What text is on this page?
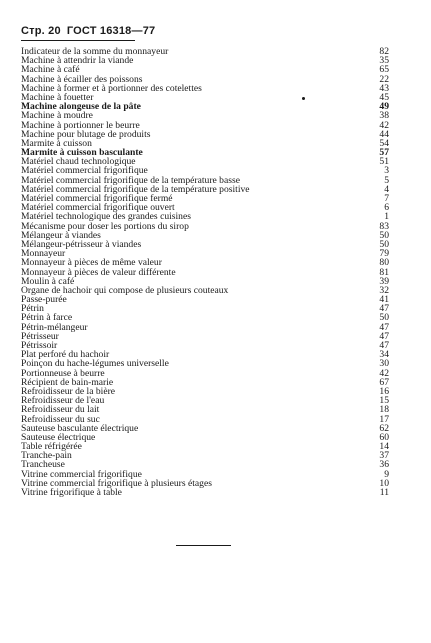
Стр. 20 ГОСТ 16318—77
Indicateur de la somme du monnayeur	82
Machine à attendrir la viande	35
Machine à café	65
Machine à écailler des poissons	22
Machine à former et à portionner des cotelettes	43
Machine à fouetter	45
Machine alongeuse de la pâte	49
Machine à moudre	38
Machine à portionner le beurre	42
Machine pour blutage de produits	44
Marmite à cuisson	54
Marmite à cuisson basculante	57
Matériel chaud technologique	51
Matériel commercial frigorifique	3
Matériel commercial frigorifique de la température basse	5
Matériel commercial frigorifique de la température positive	4
Matériel commercial frigorifique fermé	7
Matériel commercial frigorifique ouvert	6
Matériel technologique des grandes cuisines	1
Mécanisme pour doser les portions du sirop	83
Mélangeur à viandes	50
Mélangeur-pétrisseur à viandes	50
Monnayeur	79
Monnayeur à pièces de même valeur	80
Monnayeur à pièces de valeur différente	81
Moulin à café	39
Organe de hachoir qui compose de plusieurs couteaux	32
Passe-purée	41
Pétrin	47
Pétrin à farce	50
Pétrin-mélangeur	47
Pétrisseur	47
Pétrissoir	47
Plat perforé du hachoir	34
Poinçon du hache-légumes universelle	30
Portionneuse à beurre	42
Récipient de bain-marie	67
Refroidisseur de la bière	16
Refroidisseur de l'eau	15
Refroidisseur du lait	18
Refroidisseur du suc	17
Sauteuse basculante électrique	62
Sauteuse électrique	60
Table réfrigérée	14
Tranche-pain	37
Trancheuse	36
Vitrine commercial frigorifique	9
Vitrine commercial frigorifique à plusieurs étages	10
Vitrine frigorifique à table	11
